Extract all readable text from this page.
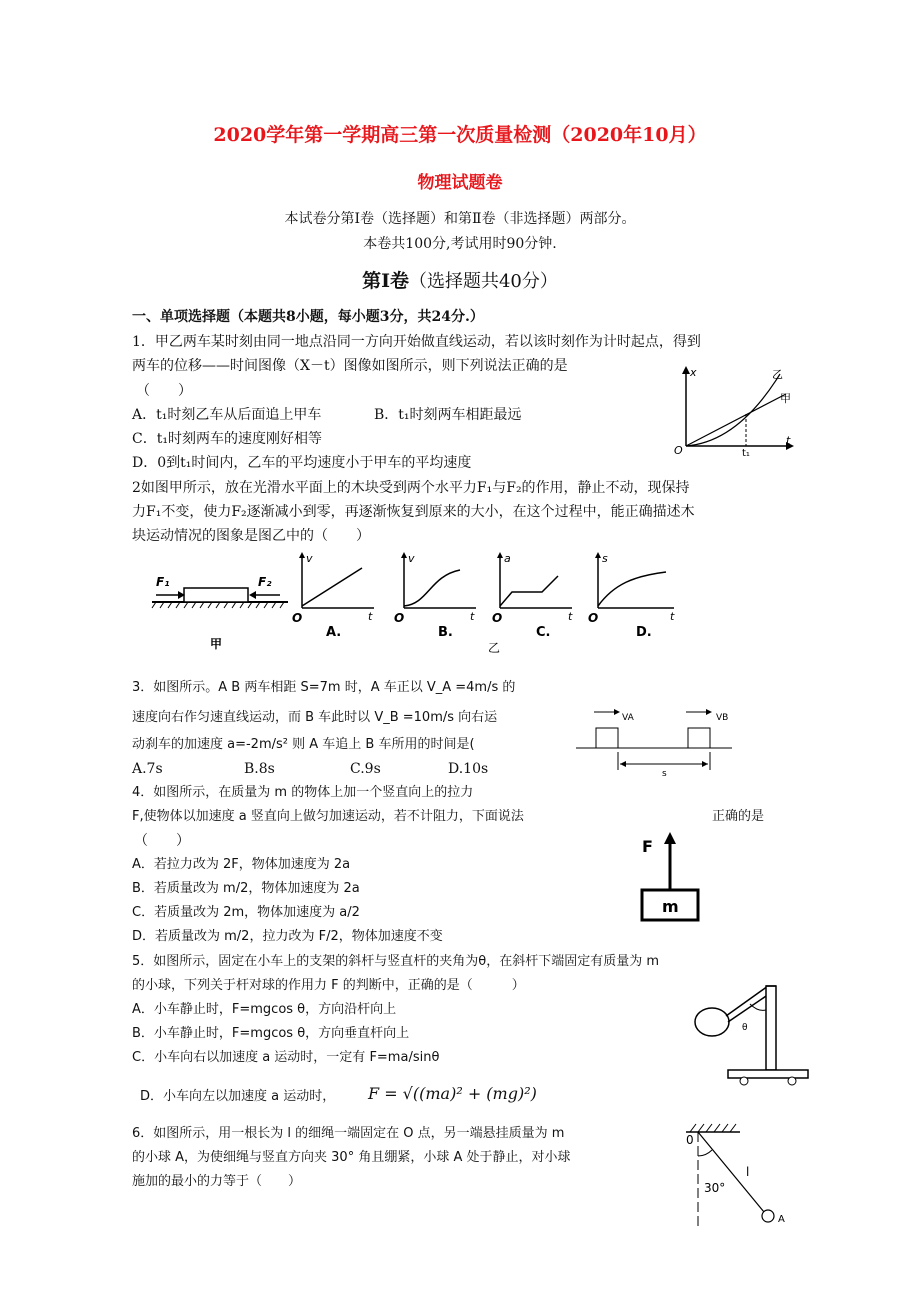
2020学年第一学期高三第一次质量检测（2020年10月）
物理试题卷
本试卷分第Ⅰ卷（选择题）和第Ⅱ卷（非选择题）两部分。
本卷共100分,考试用时90分钟.
第Ⅰ卷（选择题共40分）
一、单项选择题（本题共8小题，每小题3分，共24分.）
1．甲乙两车某时刻由同一地点沿同一方向开始做直线运动，若以该时刻作为计时起点，得到
两车的位移——时间图像（X－t）图像如图所示，则下列说法正确的是
（　　）
A．t₁时刻乙车从后面追上甲车	B．t₁时刻两车相距最远
C．t₁时刻两车的速度刚好相等
D．0到t₁时间内，乙车的平均速度小于甲车的平均速度
x
t
O	t₁
乙
甲
2如图甲所示，放在光滑水平面上的木块受到两个水平力F₁与F₂的作用，静止不动，现保持
力F₁不变，使力F₂逐渐减小到零，再逐渐恢复到原来的大小，在这个过程中，能正确描述木
块运动情况的图象是图乙中的（　　）
F₁	F₂
甲
v
t
O
A.
v
t
O
B.
a
t
O
C.
乙
s
t
O
D.
3．如图所示。A B 两车相距 S=7m 时，A 车正以 V_A =4m/s 的
速度向右作匀速直线运动，而 B 车此时以 V_B =10m/s 向右运
动刹车的加速度 a=-2m/s² 则 A 车追上 B 车所用的时间是(
A.7s	B.8s	C.9s	D.10s
VA	VB
s
4．如图所示，在质量为 m 的物体上加一个竖直向上的拉力
F,使物体以加速度 a 竖直向上做匀加速运动，若不计阻力，下面说法	正确的是
（　　）
A．若拉力改为 2F，物体加速度为 2a
B．若质量改为 m/2，物体加速度为 2a
C．若质量改为 2m，物体加速度为 a/2
D．若质量改为 m/2，拉力改为 F/2，物体加速度不变
F
m
5．如图所示，固定在小车上的支架的斜杆与竖直杆的夹角为θ，在斜杆下端固定有质量为 m
的小球，下列关于杆对球的作用力 F 的判断中，正确的是（　　　）
A．小车静止时，F=mgcos θ，方向沿杆向上
B．小车静止时，F=mgcos θ，方向垂直杆向上
C．小车向右以加速度 a 运动时，一定有 F=ma/sinθ
D．小车向左以加速度 a 运动时， F = √((ma)² + (mg)²)
θ
6．如图所示，用一根长为 l 的细绳一端固定在 O 点，另一端悬挂质量为 m
的小球 A，为使细绳与竖直方向夹 30° 角且绷紧，小球 A 处于静止，对小球
施加的最小的力等于（　　）
0
l
30°
A
